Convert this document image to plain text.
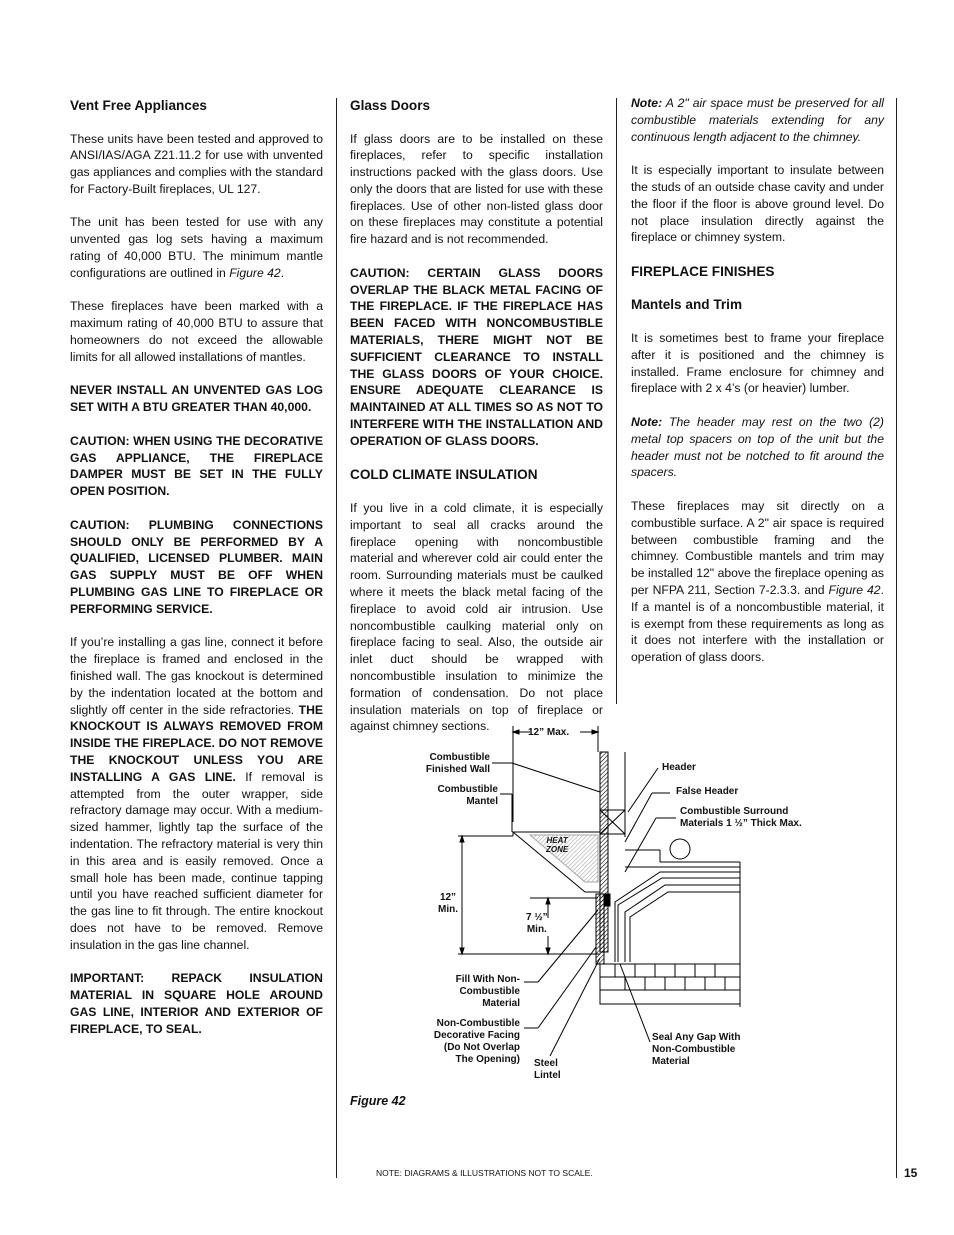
Vent Free Appliances

These units have been tested and approved to ANSI/IAS/AGA Z21.11.2 for use with unvented gas appliances and complies with the standard for Factory-Built fireplaces, UL 127.

The unit has been tested for use with any unvented gas log sets having a maximum rating of 40,000 BTU. The minimum mantle configurations are outlined in Figure 42.

These fireplaces have been marked with a maximum rating of 40,000 BTU to assure that homeowners do not exceed the allowable limits for all allowed installations of mantles.

NEVER INSTALL AN UNVENTED GAS LOG SET WITH A BTU GREATER THAN 40,000.

CAUTION: WHEN USING THE DECORATIVE GAS APPLIANCE, THE FIREPLACE DAMPER MUST BE SET IN THE FULLY OPEN POSITION.

CAUTION: PLUMBING CONNECTIONS SHOULD ONLY BE PERFORMED BY A QUALIFIED, LICENSED PLUMBER. MAIN GAS SUPPLY MUST BE OFF WHEN PLUMBING GAS LINE TO FIREPLACE OR PERFORMING SERVICE.

If you’re installing a gas line, connect it before the fireplace is framed and enclosed in the finished wall. The gas knockout is determined by the indentation located at the bottom and slightly off center in the side refractories. THE KNOCKOUT IS ALWAYS REMOVED FROM INSIDE THE FIREPLACE. DO NOT REMOVE THE KNOCKOUT UNLESS YOU ARE INSTALLING A GAS LINE. If removal is attempted from the outer wrapper, side refractory damage may occur. With a medium-sized hammer, lightly tap the surface of the indentation. The refractory material is very thin in this area and is easily removed. Once a small hole has been made, continue tapping until you have reached sufficient diameter for the gas line to fit through. The entire knockout does not have to be removed. Remove insulation in the gas line channel.

IMPORTANT: REPACK INSULATION MATERIAL IN SQUARE HOLE AROUND GAS LINE, INTERIOR AND EXTERIOR OF FIREPLACE, TO SEAL.

Glass Doors

If glass doors are to be installed on these fireplaces, refer to specific installation instructions packed with the glass doors. Use only the doors that are listed for use with these fireplaces. Use of other non-listed glass door on these fireplaces may constitute a potential fire hazard and is not recommended.

CAUTION: CERTAIN GLASS DOORS OVERLAP THE BLACK METAL FACING OF THE FIREPLACE. IF THE FIREPLACE HAS BEEN FACED WITH NONCOMBUSTIBLE MATERIALS, THERE MIGHT NOT BE SUFFICIENT CLEARANCE TO INSTALL THE GLASS DOORS OF YOUR CHOICE. ENSURE ADEQUATE CLEARANCE IS MAINTAINED AT ALL TIMES SO AS NOT TO INTERFERE WITH THE INSTALLATION AND OPERATION OF GLASS DOORS.

COLD CLIMATE INSULATION

If you live in a cold climate, it is especially important to seal all cracks around the fireplace opening with noncombustible material and wherever cold air could enter the room. Surrounding materials must be caulked where it meets the black metal facing of the fireplace to avoid cold air intrusion. Use noncombustible caulking material only on fireplace facing to seal. Also, the outside air inlet duct should be wrapped with noncombustible insulation to minimize the formation of condensation. Do not place insulation materials on top of fireplace or against chimney sections.

Note: A 2" air space must be preserved for all combustible materials extending for any continuous length adjacent to the chimney.

It is especially important to insulate between the studs of an outside chase cavity and under the floor if the floor is above ground level. Do not place insulation directly against the fireplace or chimney system.

FIREPLACE FINISHES
Mantels and Trim

It is sometimes best to frame your fireplace after it is positioned and the chimney is installed. Frame enclosure for chimney and fireplace with 2 x 4’s (or heavier) lumber.

Note: The header may rest on the two (2) metal top spacers on top of the unit but the header must not be notched to fit around the spacers.

These fireplaces may sit directly on a combustible surface. A 2" air space is required between combustible framing and the chimney. Combustible mantels and trim may be installed 12" above the fireplace opening as per NFPA 211, Section 7-2.3.3. and Figure 42. If a mantel is of a noncombustible material, it is exempt from these requirements as long as it does not interfere with the installation or operation of glass doors.

12” Max.
Combustible
Finished Wall
Combustible
Mantel
Header
False Header
Combustible Surround
Materials 1 ½” Thick Max.
HEAT
ZONE
12”
Min.
7 ½”
Min.
Fill With Non-
Combustible
Material
Non-Combustible
Decorative Facing
(Do Not Overlap
The Opening) Steel
Lintel
Seal Any Gap With
Non-Combustible
Material
Figure 42
NOTE: DIAGRAMS & ILLUSTRATIONS NOT TO SCALE.	15
